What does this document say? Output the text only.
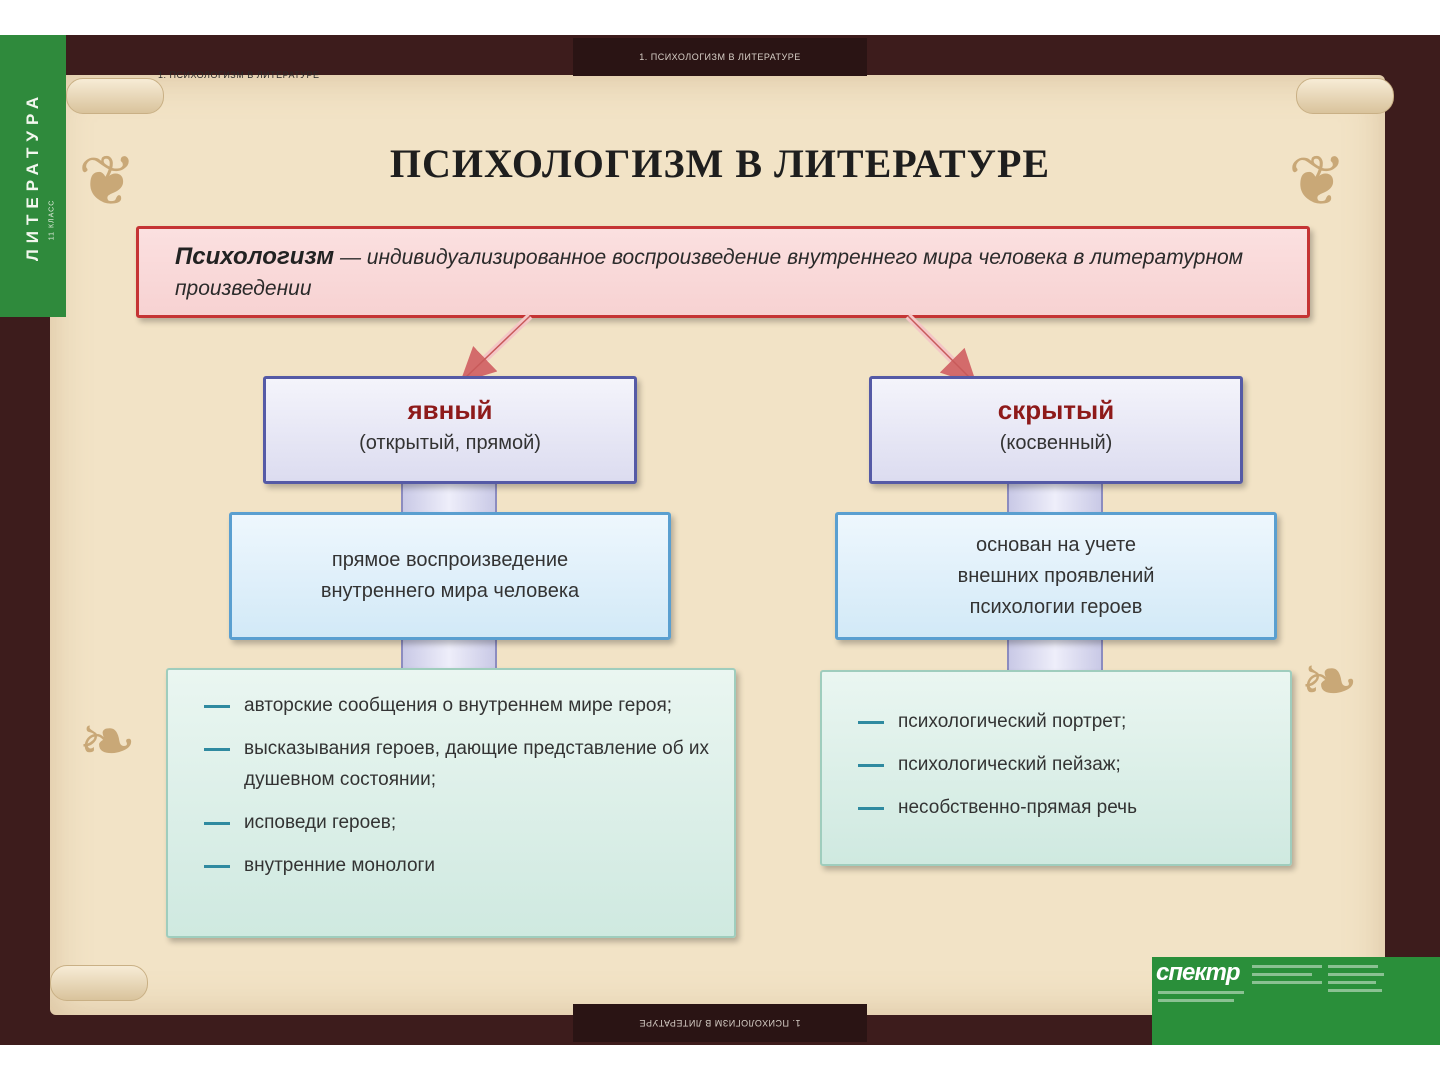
❦	❦
❧
❧
1. ПСИХОЛОГИЗМ В ЛИТЕРАТУРЕ
1. ПСИХОЛОГИЗМ В ЛИТЕРАТУРЕ
ЛИТЕРАТУРА 11 КЛАСС
1. ПСИХОЛОГИЗМ В ЛИТЕРАТУРЕ
ПСИХОЛОГИЗМ В ЛИТЕРАТУРЕ

Психологизм — индивидуализированное воспроизведение внутреннего мира человека в литературном произведении

явный
(открытый, прямой)
скрытый
(косвенный)
прямое воспроизведение
внутреннего мира человека
основан на учете
внешних проявлений
психологии героев
авторские сообщения о внутреннем мире героя;
высказывания героев, дающие представление об их душевном состоянии;
исповеди героев;
внутренние монологи
психологический портрет;
психологический пейзаж;
несобственно-прямая речь
спектр
